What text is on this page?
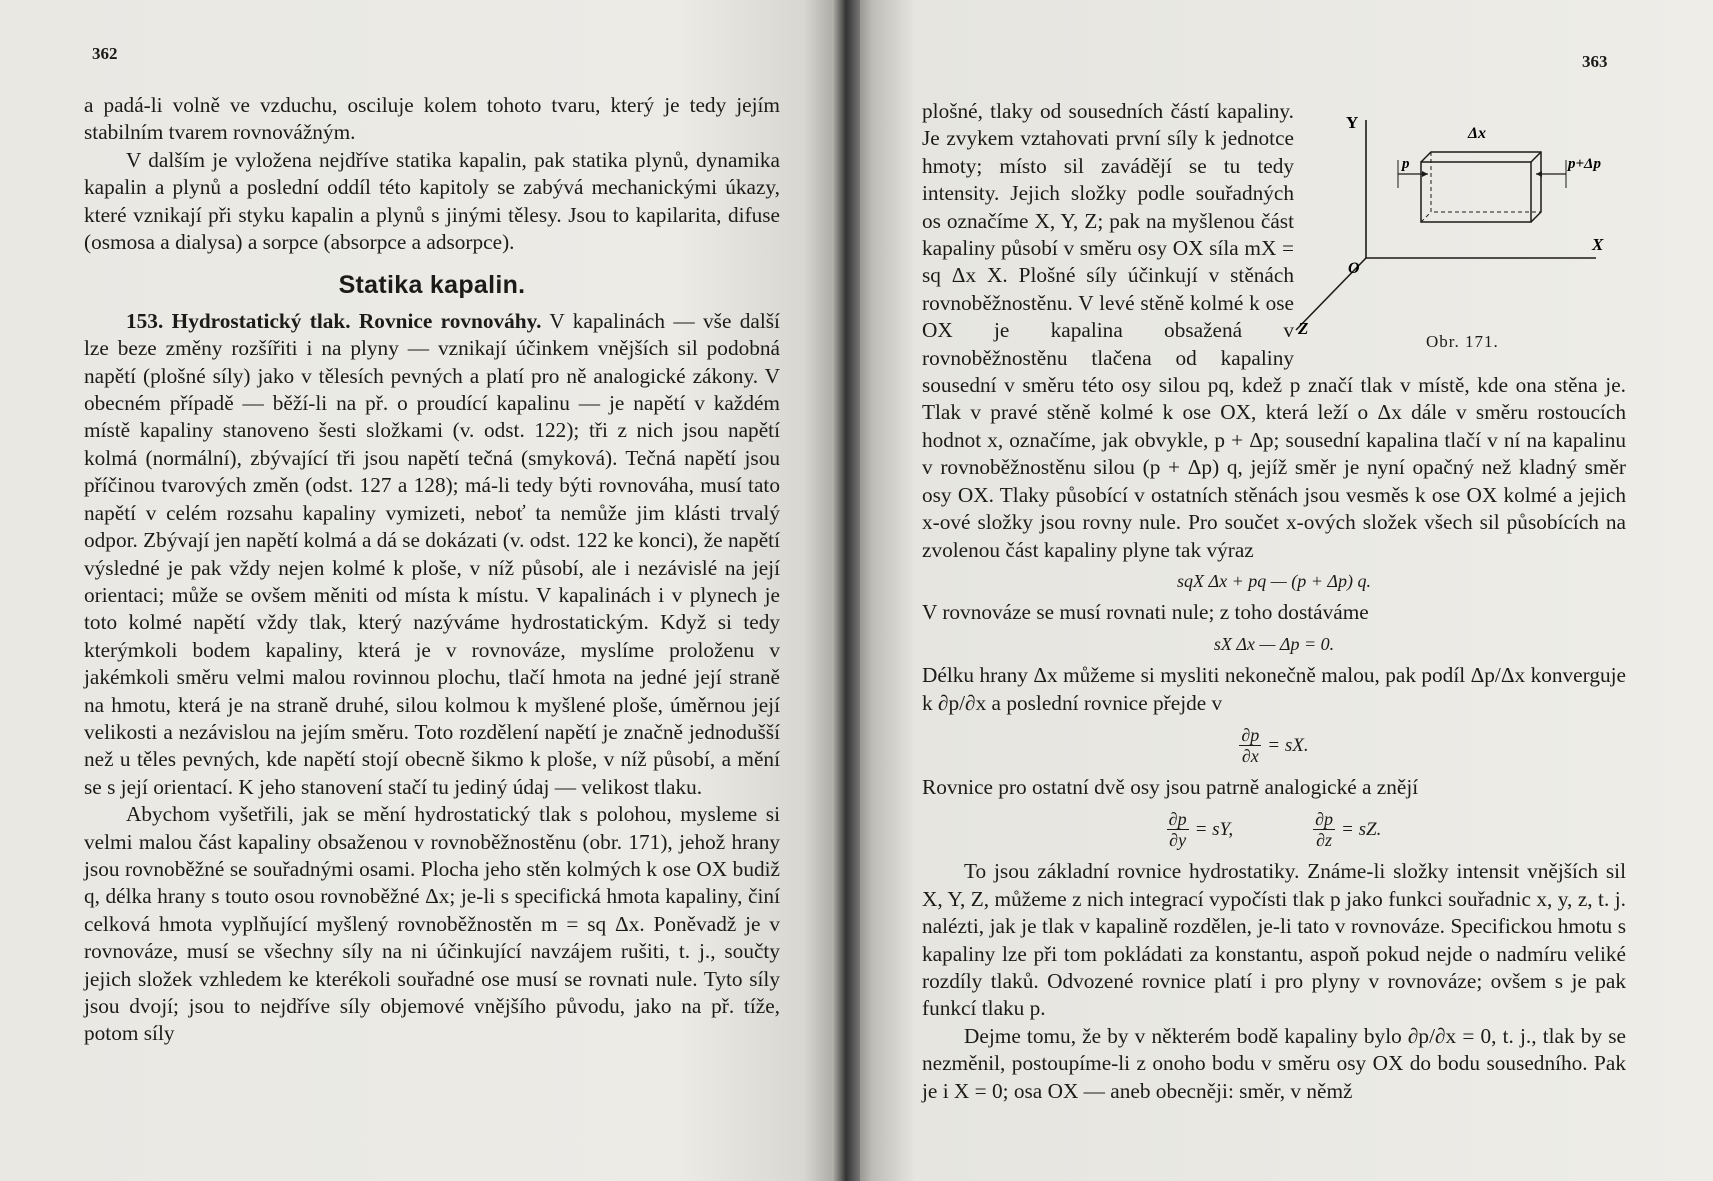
362

a padá-li volně ve vzduchu, osciluje kolem tohoto tvaru, který je tedy jejím stabilním tvarem rovnovážným.

V dalším je vyložena nejdříve statika kapalin, pak statika plynů, dynamika kapalin a plynů a poslední oddíl této kapitoly se zabývá mechanickými úkazy, které vznikají při styku kapalin a plynů s jinými tělesy. Jsou to kapilarita, difuse (osmosa a dialysa) a sorpce (absorpce a adsorpce).

Statika kapalin.

153. Hydrostatický tlak. Rovnice rovnováhy. V kapalinách — vše další lze beze změny rozšířiti i na plyny — vznikají účinkem vnějších sil podobná napětí (plošné síly) jako v tělesích pevných a platí pro ně analogické zákony. V obecném případě — běží-li na př. o proudící kapalinu — je napětí v každém místě kapaliny stanoveno šesti složkami (v. odst. 122); tři z nich jsou napětí kolmá (normální), zbývající tři jsou napětí tečná (smyková). Tečná napětí jsou příčinou tvarových změn (odst. 127 a 128); má-li tedy býti rovnováha, musí tato napětí v celém rozsahu kapaliny vymizeti, neboť ta nemůže jim klásti trvalý odpor. Zbývají jen napětí kolmá a dá se dokázati (v. odst. 122 ke konci), že napětí výsledné je pak vždy nejen kolmé k ploše, v níž působí, ale i nezávislé na její orientaci; může se ovšem měniti od místa k místu. V kapalinách i v plynech je toto kolmé napětí vždy tlak, který nazýváme hydrostatickým. Když si tedy kterýmkoli bodem kapaliny, která je v rovnováze, myslíme proloženu v jakémkoli směru velmi malou rovinnou plochu, tlačí hmota na jedné její straně na hmotu, která je na straně druhé, silou kolmou k myšlené ploše, úměrnou její velikosti a nezávislou na jejím směru. Toto rozdělení napětí je značně jednodušší než u těles pevných, kde napětí stojí obecně šikmo k ploše, v níž působí, a mění se s její orientací. K jeho stanovení stačí tu jediný údaj — velikost tlaku.

Abychom vyšetřili, jak se mění hydrostatický tlak s polohou, mysleme si velmi malou část kapaliny obsaženou v rovnoběžnostěnu (obr. 171), jehož hrany jsou rovnoběžné se souřadnými osami. Plocha jeho stěn kolmých k ose OX budiž q, délka hrany s touto osou rovnoběžné Δx; je-li s specifická hmota kapaliny, činí celková hmota vyplňující myšlený rovnoběžnostěn m = sq Δx. Poněvadž je v rovnováze, musí se všechny síly na ni účinkující navzájem rušiti, t. j., součty jejich složek vzhledem ke kterékoli souřadné ose musí se rovnati nule. Tyto síly jsou dvojí; jsou to nejdříve síly objemové vnějšího původu, jako na př. tíže, potom síly

363
Y
X
Z
O
Δx
p	p+Δp
Obr. 171.

plošné, tlaky od sousedních částí kapaliny. Je zvykem vztahovati první síly k jednotce hmoty; místo sil zavádějí se tu tedy intensity. Jejich složky podle souřadných os označíme X, Y, Z; pak na myšlenou část kapaliny působí v směru osy OX síla mX = sq Δx X. Plošné síly účinkují v stěnách rovnoběžnostěnu. V levé stěně kolmé k ose OX je kapalina obsažená v rovnoběžnostěnu tlačena od kapaliny sousední v směru této osy silou pq, kdež p značí tlak v místě, kde ona stěna je. Tlak v pravé stěně kolmé k ose OX, která leží o Δx dále v směru rostoucích hodnot x, označíme, jak obvykle, p + Δp; sousední kapalina tlačí v ní na kapalinu v rovnoběžnostěnu silou (p + Δp) q, jejíž směr je nyní opačný než kladný směr osy OX. Tlaky působící v ostatních stěnách jsou vesměs k ose OX kolmé a jejich x-ové složky jsou rovny nule. Pro součet x-ových složek všech sil působících na zvolenou část kapaliny plyne tak výraz

sqX Δx + pq — (p + Δp) q.

V rovnováze se musí rovnati nule; z toho dostáváme

sX Δx — Δp = 0.

Délku hrany Δx můžeme si mysliti nekonečně malou, pak podíl Δp/Δx konverguje k ∂p/∂x a poslední rovnice přejde v

$\frac{\partial p}{\partial x}$ = sX.

Rovnice pro ostatní dvě osy jsou patrně analogické a znějí

$\frac{\partial p}{\partial y}$ = sY,	$\frac{\partial p}{\partial z}$ = sZ.

To jsou základní rovnice hydrostatiky. Známe-li složky intensit vnějších sil X, Y, Z, můžeme z nich integrací vypočísti tlak p jako funkci souřadnic x, y, z, t. j. nalézti, jak je tlak v kapalině rozdělen, je-li tato v rovnováze. Specifickou hmotu s kapaliny lze při tom pokládati za konstantu, aspoň pokud nejde o nadmíru veliké rozdíly tlaků. Odvozené rovnice platí i pro plyny v rovnováze; ovšem s je pak funkcí tlaku p.

Dejme tomu, že by v některém bodě kapaliny bylo ∂p/∂x = 0, t. j., tlak by se nezměnil, postoupíme-li z onoho bodu v směru osy OX do bodu sousedního. Pak je i X = 0; osa OX — aneb obecněji: směr, v němž
